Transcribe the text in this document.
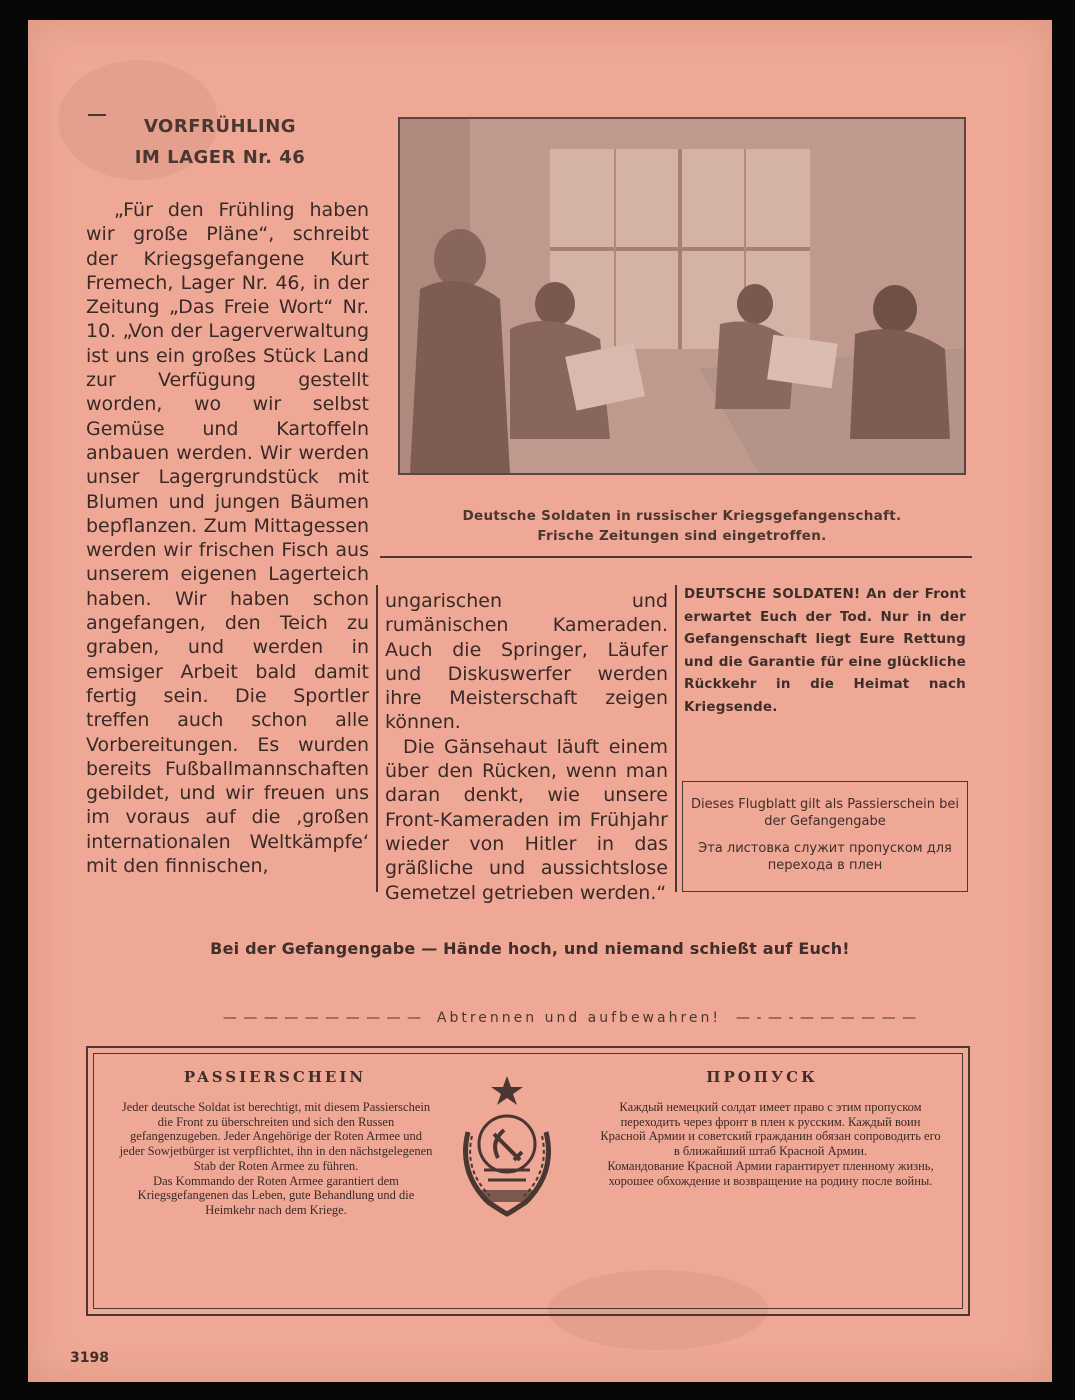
VORFRÜHLING
IM LAGER Nr. 46

„Für den Frühling haben wir große Pläne“, schreibt der Kriegsgefangene Kurt Fremech, Lager Nr. 46, in der Zeitung „Das Freie Wort“ Nr. 10. „Von der Lagerverwaltung ist uns ein großes Stück Land zur Verfügung gestellt worden, wo wir selbst Gemüse und Kartoffeln anbauen werden. Wir werden unser Lagergrundstück mit Blumen und jungen Bäumen bepflanzen. Zum Mittagessen werden wir frischen Fisch aus unserem eigenen Lagerteich haben. Wir haben schon angefangen, den Teich zu graben, und werden in emsiger Arbeit bald damit fertig sein. Die Sportler treffen auch schon alle Vorbereitungen. Es wurden bereits Fußballmannschaften gebildet, und wir freuen uns im voraus auf die ‚großen internationalen Weltkämpfe‘ mit den finnischen,

ungarischen und rumänischen Kameraden. Auch die Springer, Läufer und Diskuswerfer werden ihre Meisterschaft zeigen können.

Die Gänsehaut läuft einem über den Rücken, wenn man daran denkt, wie unsere Front-Kameraden im Frühjahr wieder von Hitler in das gräßliche und aussichtslose Gemetzel getrieben werden.“

Deutsche Soldaten in russischer Kriegsgefangenschaft.
Frische Zeitungen sind eingetroffen.
DEUTSCHE SOLDATEN! An der Front erwartet Euch der Tod. Nur in der Gefangenschaft liegt Eure Rettung und die Garantie für eine glückliche Rückkehr in die Heimat nach Kriegsende.
Dieses Flugblatt gilt als Passierschein bei der Gefangengabe
Эта листовка служит пропуском для перехода в плен
Bei der Gefangengabe — Hände hoch, und niemand schießt auf Euch!
— — — — — — — — — — Abtrennen und aufbewahren! — - — - — — — — — —
PASSIERSCHEIN

Jeder deutsche Soldat ist berechtigt, mit diesem Passierschein die Front zu überschreiten und sich den Russen gefangenzugeben. Jeder Angehörige der Roten Armee und jeder Sowjetbürger ist verpflichtet, ihn in den nächstgelegenen Stab der Roten Armee zu führen.

Das Kommando der Roten Armee garantiert dem Kriegsgefangenen das Leben, gute Behandlung und die Heimkehr nach dem Kriege.

ПРОПУСК

Каждый немецкий солдат имеет право с этим пропуском переходить через фронт в плен к русским. Каждый воин Красной Армии и советский гражданин обязан сопроводить его в ближайший штаб Красной Армии.

Командование Красной Армии гарантирует пленному жизнь, хорошее обхождение и возвращение на родину после войны.

3198
